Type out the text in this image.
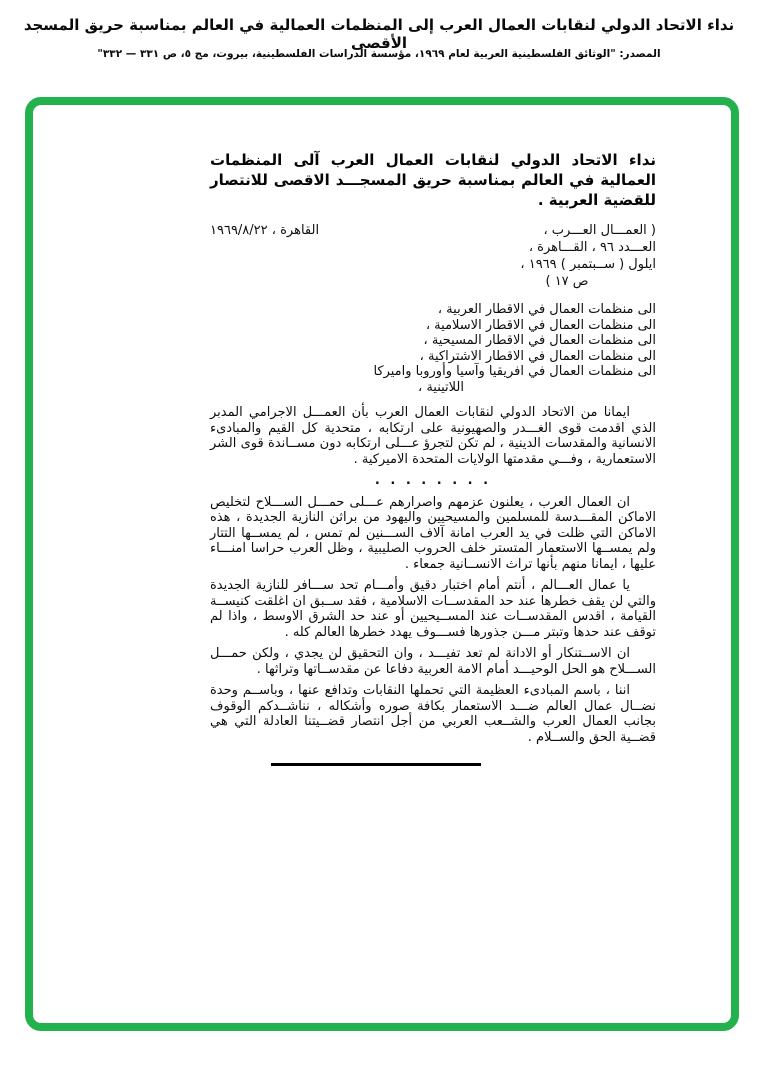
نداء الاتحاد الدولي لنقابات العمال العرب إلى المنظمات العمالية في العالم بمناسبة حريق المسجد الأقصى
المصدر: "الوثائق الفلسطينية العربية لعام ١٩٦٩، مؤسسة الدراسات الفلسطينية، بيروت، مج ٥، ص ٣٣١ — ٣٣٢"
نداء الاتحاد الدولي لنقابات العمال العرب آلى المنظمات العمالية في العالم بمناسبة حريق المسجـــد الاقصى للانتصار للقضية العربية .
( العمـــال العـــرب ،
العـــدد ٩٦ ، القـــاهرة ،
ايلول ( ســبتمبر ) ١٩٦٩ ،
ص ١٧ )
القاهرة ، ١٩٦٩/٨/٢٢
الى منظمات العمال في الاقطار العربية ،
الى منظمات العمال في الاقطار الاسلامية ،
الى منظمات العمال في الاقطار المسيحية ،
الى منظمات العمال في الاقطار الاشتراكية ،
الى منظمات العمال في افريقيا وآسيا وأوروبا واميركا
اللاتينية ،

ايمانا من الاتحاد الدولي لنقابات العمال العرب بأن العمـــل الاجرامي المدبر الذي اقدمت قوى الغـــدر والصهيونية على ارتكابه ، متحدية كل القيم والمبادىء الانسانية والمقدسات الدينية ، لم تكن لتجرؤ عـــلى ارتكابه دون مســاندة قوى الشر الاستعمارية ، وفـــي مقدمتها الولايات المتحدة الاميركية .

. . . . . . . .

ان العمال العرب ، يعلنون عزمهم واصرارهم عـــلى حمـــل الســـلاح لتخليص الاماكن المقـــدسة للمسلمين والمسيحيين واليهود من براثن النازية الجديدة ، هذه الاماكن التي ظلت في يد العرب امانة آلاف الســـنين لم تمس ، لم يمســها التتار ولم يمســها الاستعمار المتستر خلف الحروب الصليبية ، وظل العرب حراسا امنـــاء عليها ، ايمانا منهم بأنها تراث الانســانية جمعاء .

يا عمال العـــالم ، أنتم أمام اختبار دقيق وأمـــام تحد ســـافر للنازية الجديدة والتي لن يقف خطرها عند حد المقدســات الاسلامية ، فقد ســبق ان اغلقت كنيســة القيامة ، اقدس المقدســات عند المســيحيين أو عند حد الشرق الاوسط ، واذا لم توقف عند حدها وتبتر مـــن جذورها فســـوف يهدد خطرها العالم كله .

ان الاســتنكار أو الادانة لم تعد تفيـــد ، وان التحقيق لن يجدي ، ولكن حمـــل الســـلاح هو الحل الوحيـــد أمام الامة العربية دفاعا عن مقدســاتها وتراثها .

اننا ، باسم المبادىء العظيمة التي تحملها النقابات وتدافع عنها ، وباســم وحدة نضــال عمال العالم ضـــد الاستعمار بكافة صوره وأشكاله ، نناشــدكم الوقوف بجانب العمال العرب والشــعب العربي من أجل انتصار قضــيتنا العادلة التي هي قضــية الحق والســلام .
